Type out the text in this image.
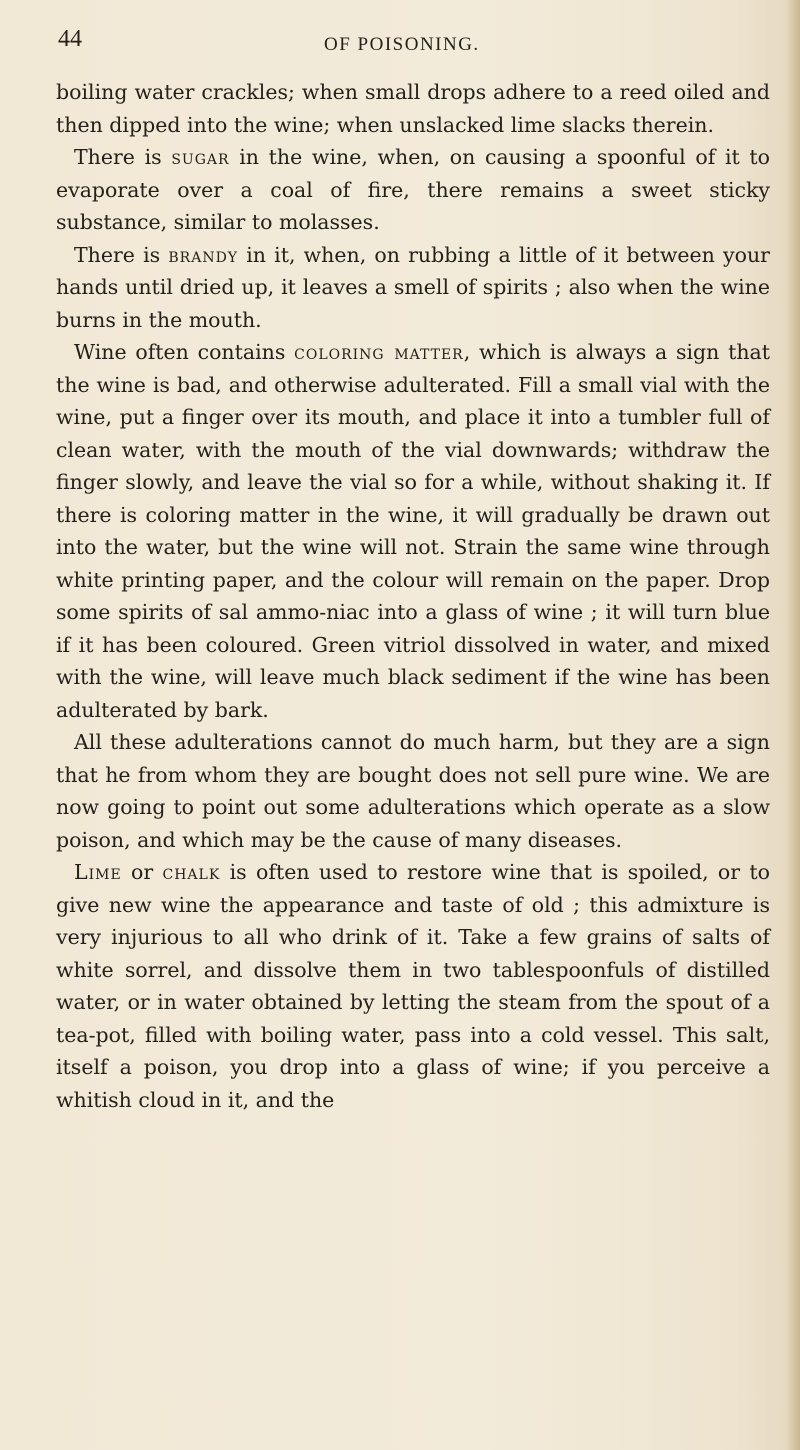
44	OF POISONING.

boiling water crackles; when small drops adhere to a reed oiled and then dipped into the wine; when unslacked lime slacks therein.

There is sugar in the wine, when, on causing a spoonful of it to evaporate over a coal of fire, there remains a sweet sticky substance, similar to molasses.

There is brandy in it, when, on rubbing a little of it between your hands until dried up, it leaves a smell of spirits ; also when the wine burns in the mouth.

Wine often contains coloring matter, which is always a sign that the wine is bad, and otherwise adulterated. Fill a small vial with the wine, put a finger over its mouth, and place it into a tumbler full of clean water, with the mouth of the vial downwards; withdraw the finger slowly, and leave the vial so for a while, without shaking it. If there is coloring matter in the wine, it will gradually be drawn out into the water, but the wine will not. Strain the same wine through white printing paper, and the colour will remain on the paper. Drop some spirits of sal ammo-niac into a glass of wine ; it will turn blue if it has been coloured. Green vitriol dissolved in water, and mixed with the wine, will leave much black sediment if the wine has been adulterated by bark.

All these adulterations cannot do much harm, but they are a sign that he from whom they are bought does not sell pure wine. We are now going to point out some adulterations which operate as a slow poison, and which may be the cause of many diseases.

Lime or chalk is often used to restore wine that is spoiled, or to give new wine the appearance and taste of old ; this admixture is very injurious to all who drink of it. Take a few grains of salts of white sorrel, and dissolve them in two tablespoonfuls of distilled water, or in water obtained by letting the steam from the spout of a tea-pot, filled with boiling water, pass into a cold vessel. This salt, itself a poison, you drop into a glass of wine; if you perceive a whitish cloud in it, and the
